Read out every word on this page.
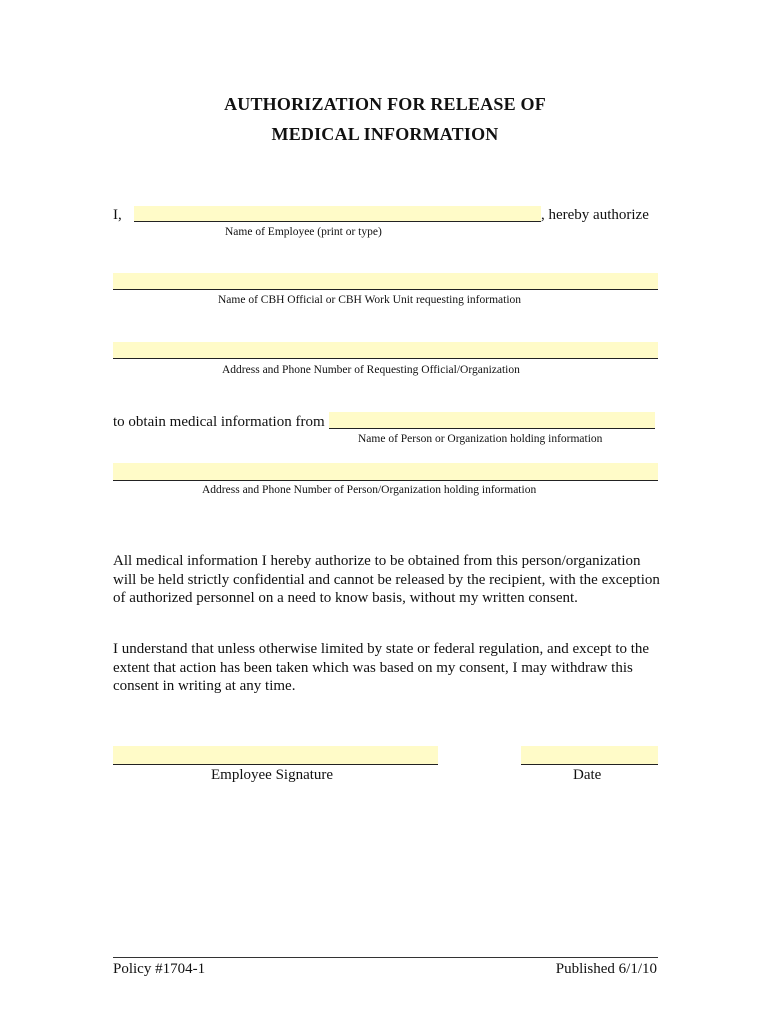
AUTHORIZATION FOR RELEASE OF
MEDICAL INFORMATION
I,	, hereby authorize
Name of Employee (print or type)
Name of CBH Official or CBH Work Unit requesting information
Address and Phone Number of Requesting Official/Organization
to obtain medical information from
Name of Person or Organization holding information
Address and Phone Number of Person/Organization holding information
All medical information I hereby authorize to be obtained from this person/organization
will be held strictly confidential and cannot be released by the recipient, with the exception
of authorized personnel on a need to know basis, without my written consent.
I understand that unless otherwise limited by state or federal regulation, and except to the
extent that action has been taken which was based on my consent, I may withdraw this
consent in writing at any time.
Employee Signature	Date
Policy #1704-1	Published 6/1/10
